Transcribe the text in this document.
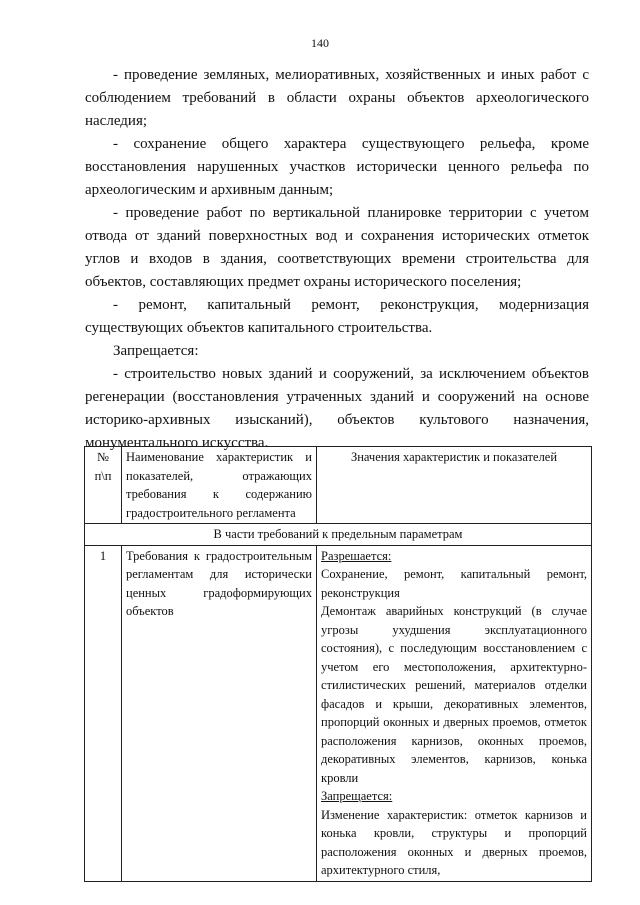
140

- проведение земляных, мелиоративных, хозяйственных и иных работ с соблюдением требований в области охраны объектов археологического наследия;

- сохранение общего характера существующего рельефа, кроме восстановления нарушенных участков исторически ценного рельефа по археологическим и архивным данным;

- проведение работ по вертикальной планировке территории с учетом отвода от зданий поверхностных вод и сохранения исторических отметок углов и входов в здания, соответствующих времени строительства для объектов, составляющих предмет охраны исторического поселения;

- ремонт, капитальный ремонт, реконструкция, модернизация существующих объектов капитального строительства.

Запрещается:

- строительство новых зданий и сооружений, за исключением объектов регенерации (восстановления утраченных зданий и сооружений на основе историко-архивных изысканий), объектов культового назначения, монументального искусства.

№ п\п	Наименование характеристик и показателей, отражающих требования к содержанию градостроительного регламента	Значения характеристик и показателей
В части требований к предельным параметрам		
1	Требования к градостроительным регламентам для исторически ценных градоформирующих объектов	Разрешается:
Сохранение, ремонт, капитальный ремонт, реконструкция
Демонтаж аварийных конструкций (в случае угрозы ухудшения эксплуатационного состояния), с последующим восстановлением с учетом его местоположения, архитектурно-стилистических решений, материалов отделки фасадов и крыши, декоративных элементов, пропорций оконных и дверных проемов, отметок расположения карнизов, оконных проемов, декоративных элементов, карнизов, конька кровли
Запрещается:
Изменение характеристик: отметок карнизов и конька кровли, структуры и пропорций расположения оконных и дверных проемов, архитектурного стиля,
